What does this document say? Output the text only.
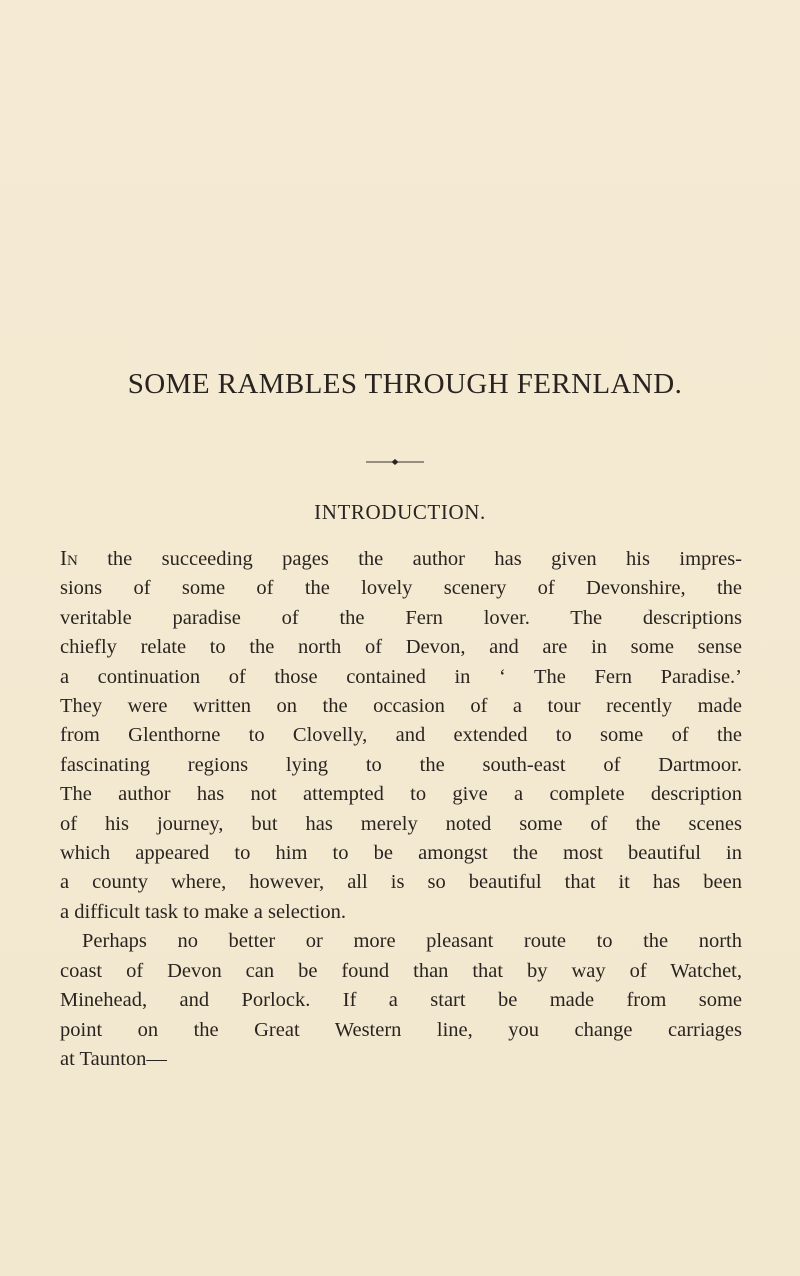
SOME RAMBLES THROUGH FERNLAND.
INTRODUCTION.

In the succeeding pages the author has given his impres-
sions of some of the lovely scenery of Devonshire, the
veritable paradise of the Fern lover. The descriptions
chiefly relate to the north of Devon, and are in some sense
a continuation of those contained in ‘ The Fern Paradise.’
They were written on the occasion of a tour recently made
from Glenthorne to Clovelly, and extended to some of the
fascinating regions lying to the south-east of Dartmoor.
The author has not attempted to give a complete description
of his journey, but has merely noted some of the scenes
which appeared to him to be amongst the most beautiful in
a county where, however, all is so beautiful that it has been
a difficult task to make a selection.

Perhaps no better or more pleasant route to the north
coast of Devon can be found than that by way of Watchet,
Minehead, and Porlock. If a start be made from some
point on the Great Western line, you change carriages
at Taunton—
